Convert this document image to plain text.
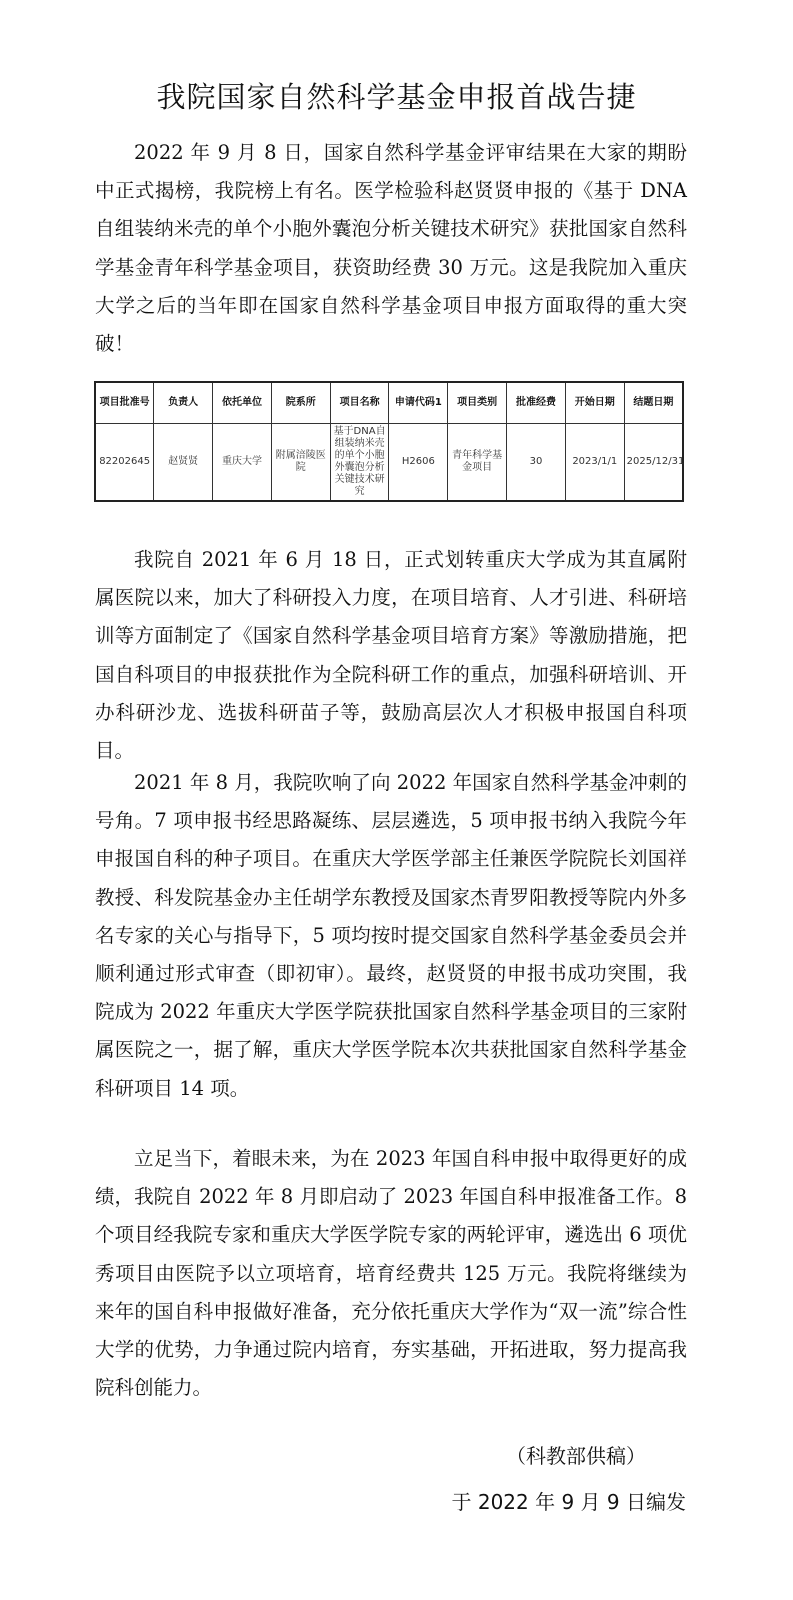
我院国家自然科学基金申报首战告捷

2022 年 9 月 8 日，国家自然科学基金评审结果在大家的期盼中正式揭榜，我院榜上有名。医学检验科赵贤贤申报的《基于 DNA 自组装纳米壳的单个小胞外囊泡分析关键技术研究》获批国家自然科学基金青年科学基金项目，获资助经费 30 万元。这是我院加入重庆大学之后的当年即在国家自然科学基金项目申报方面取得的重大突破！

项目批准号	负责人	依托单位	院系所	项目名称	申请代码1	项目类别	批准经费	开始日期	结题日期
82202645	赵贤贤	重庆大学	附属涪陵医院	基于DNA自组装纳米壳的单个小胞外囊泡分析关键技术研究	H2606	青年科学基金项目	30	2023/1/1	2025/12/31

我院自 2021 年 6 月 18 日，正式划转重庆大学成为其直属附属医院以来，加大了科研投入力度，在项目培育、人才引进、科研培训等方面制定了《国家自然科学基金项目培育方案》等激励措施，把国自科项目的申报获批作为全院科研工作的重点，加强科研培训、开办科研沙龙、选拔科研苗子等，鼓励高层次人才积极申报国自科项目。

2021 年 8 月，我院吹响了向 2022 年国家自然科学基金冲刺的号角。7 项申报书经思路凝练、层层遴选，5 项申报书纳入我院今年申报国自科的种子项目。在重庆大学医学部主任兼医学院院长刘国祥教授、科发院基金办主任胡学东教授及国家杰青罗阳教授等院内外多名专家的关心与指导下，5 项均按时提交国家自然科学基金委员会并顺利通过形式审查（即初审）。最终，赵贤贤的申报书成功突围，我院成为 2022 年重庆大学医学院获批国家自然科学基金项目的三家附属医院之一，据了解，重庆大学医学院本次共获批国家自然科学基金科研项目 14 项。

立足当下，着眼未来，为在 2023 年国自科申报中取得更好的成绩，我院自 2022 年 8 月即启动了 2023 年国自科申报准备工作。8 个项目经我院专家和重庆大学医学院专家的两轮评审，遴选出 6 项优秀项目由医院予以立项培育，培育经费共 125 万元。我院将继续为来年的国自科申报做好准备，充分依托重庆大学作为“双一流”综合性大学的优势，力争通过院内培育，夯实基础，开拓进取，努力提高我院科创能力。

（科教部供稿）
于 2022 年 9 月 9 日编发
